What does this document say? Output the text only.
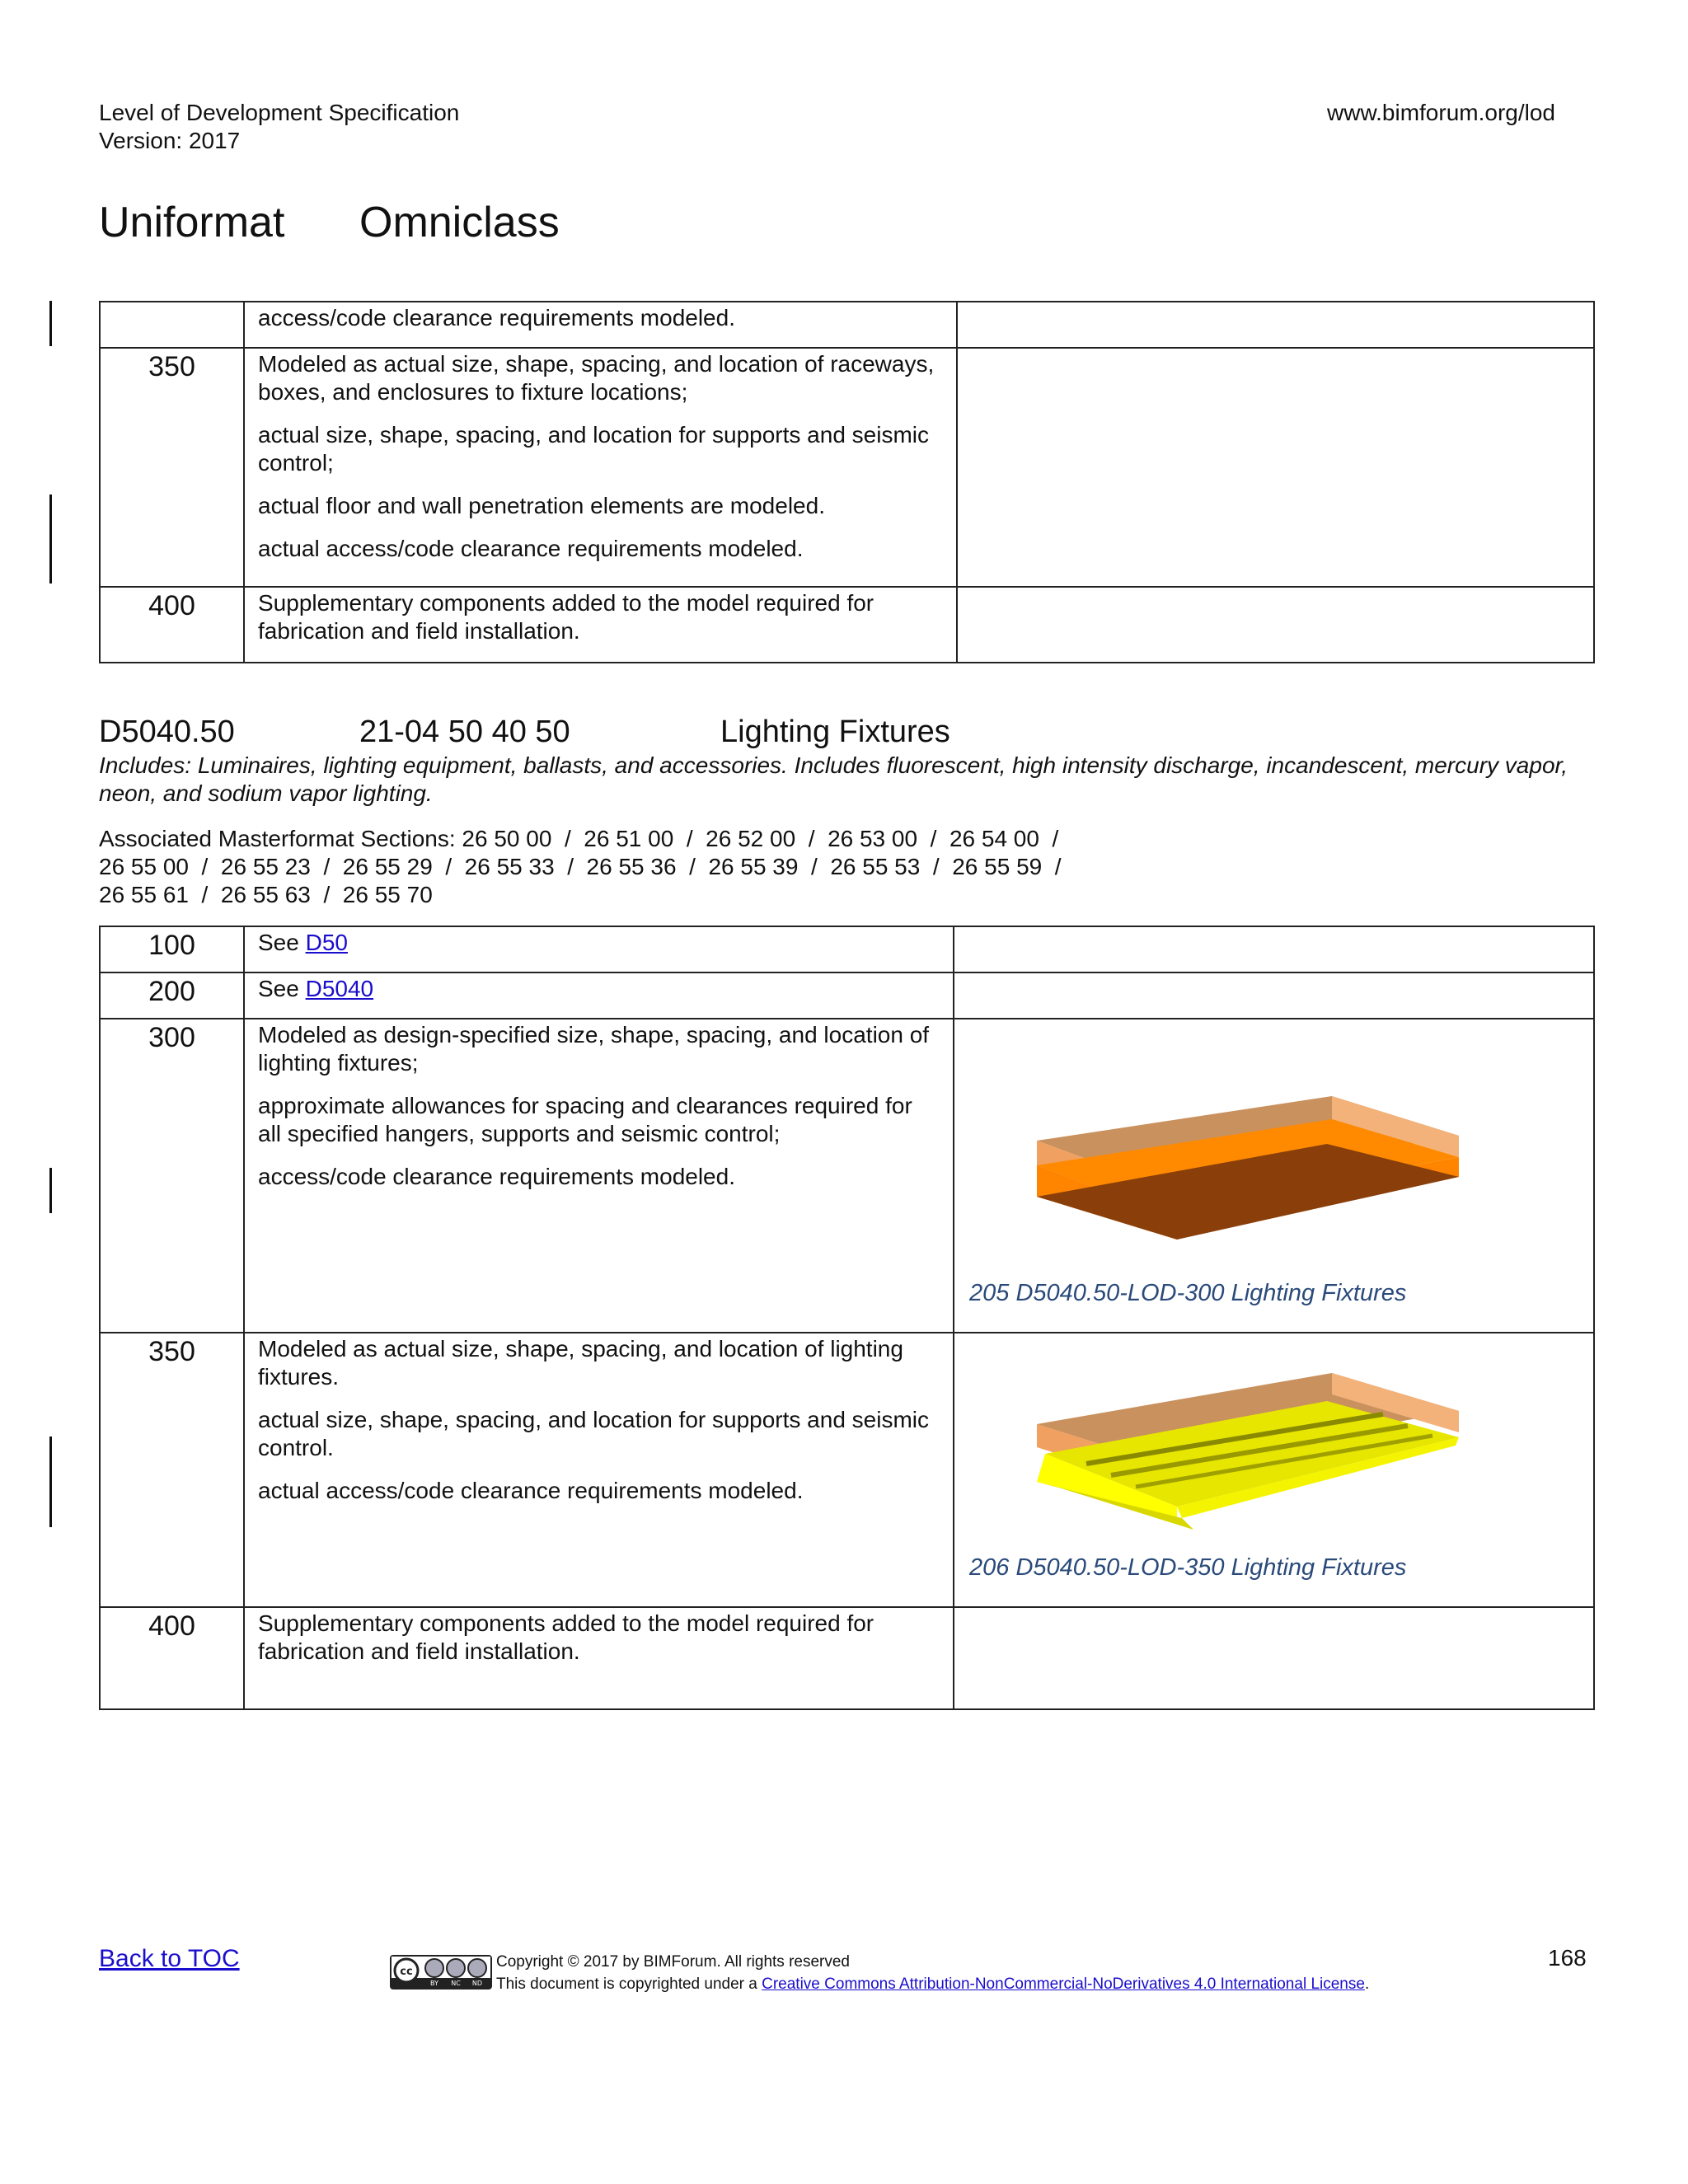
Level of Development Specification
Version: 2017
www.bimforum.org/lod
Uniformat Omniclass

	access/code clearance requirements modeled.	

350	Modeled as actual size, shape, spacing, and location of raceways, boxes, and enclosures to fixture locations;

actual size, shape, spacing, and location for supports and seismic control;

actual floor and wall penetration elements are modeled.

actual access/code clearance requirements modeled.	

400	Supplementary components added to the model required for fabrication and field installation.	

D5040.50	21-04 50 40 50	Lighting Fixtures
Includes: Luminaires, lighting equipment, ballasts, and accessories. Includes fluorescent, high intensity discharge, incandescent, mercury vapor, neon, and sodium vapor lighting.
Associated Masterformat Sections: 26 50 00  /  26 51 00  /  26 52 00  /  26 53 00  /  26 54 00  /
26 55 00  /  26 55 23  /  26 55 29  /  26 55 33  /  26 55 36  /  26 55 39  /  26 55 53  /  26 55 59  /
26 55 61  /  26 55 63  /  26 55 70
100	See D50	
200	See D5040	
300	Modeled as design-specified size, shape, spacing, and location of lighting fixtures;

approximate allowances for spacing and clearances required for all specified hangers, supports and seismic control;

access/code clearance requirements modeled.	205 D5040.50-LOD-300 Lighting Fixtures

350	Modeled as actual size, shape, spacing, and location of lighting fixtures.

actual size, shape, spacing, and location for supports and seismic control.

actual access/code clearance requirements modeled.	206 D5040.50-LOD-350 Lighting Fixtures

400	Supplementary components added to the model required for fabrication and field installation.	

Back to TOC	cc
BY NC ND
Copyright © 2017 by BIMForum. All rights reserved
This document is copyrighted under a Creative Commons Attribution-NonCommercial-NoDerivatives 4.0 International License.
168
